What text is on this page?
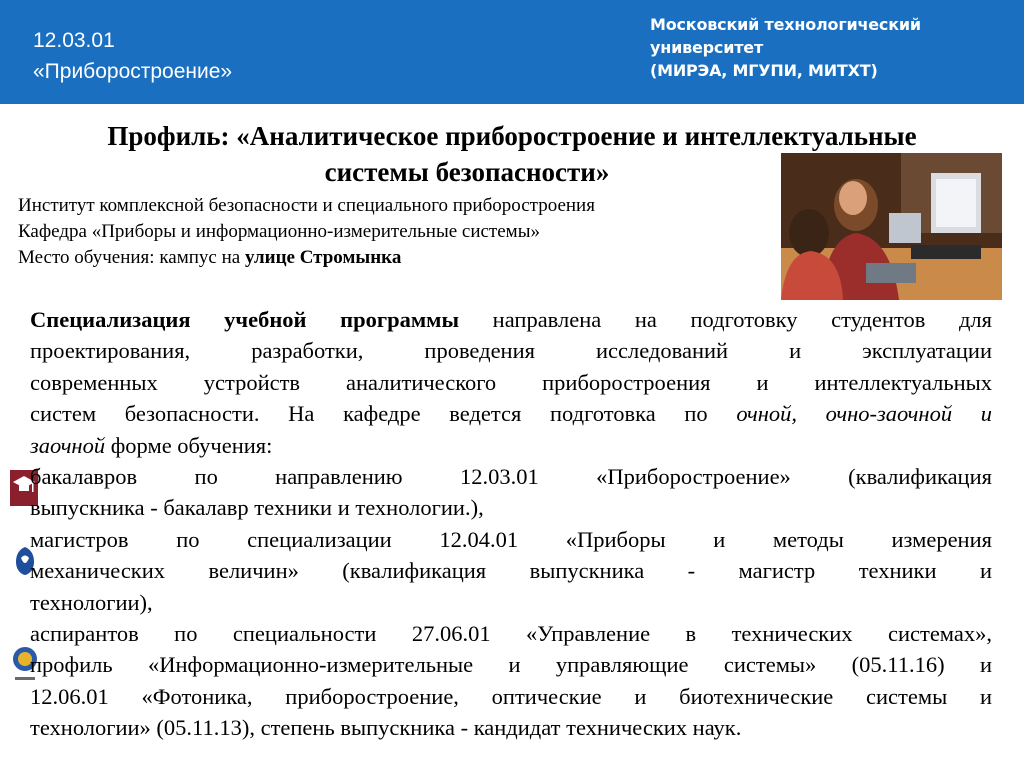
12.03.01
«Приборостроение»
Московский технологический университет
(МИРЭА, МГУПИ, МИТХТ)
Профиль: «Аналитическое приборостроение и интеллектуальные
системы безопасности»
Институт комплексной безопасности и специального приборостроения
Кафедра «Приборы и информационно-измерительные системы»
Место обучения: кампус на улице Стромынка

Специализация учебной программы направлена на подготовку студентов для

проектирования, разработки, проведения исследований и эксплуатации

современных устройств аналитического приборостроения и интеллектуальных

систем безопасности. На кафедре ведется подготовка по очной, очно-заочной и

заочной форме обучения:

бакалавров по направлению 12.03.01 «Приборостроение» (квалификация

выпускника - бакалавр техники и технологии.),

магистров по специализации 12.04.01 «Приборы и методы измерения

механических величин» (квалификация выпускника - магистр техники и

технологии),

аспирантов по специальности 27.06.01 «Управление в технических системах»,

профиль «Информационно-измерительные и управляющие системы» (05.11.16) и

12.06.01 «Фотоника, приборостроение, оптические и биотехнические системы и

технологии» (05.11.13), степень выпускника - кандидат технических наук.
